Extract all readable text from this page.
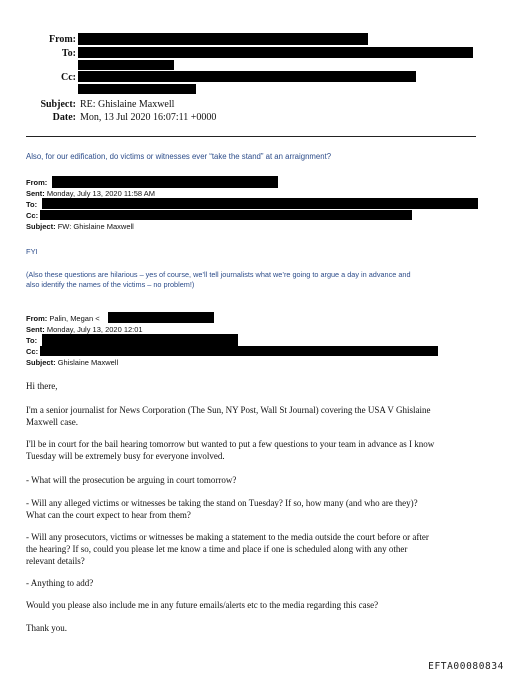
From:
To:
Cc:
Subject: RE: Ghislaine Maxwell
Date: Mon, 13 Jul 2020 16:07:11 +0000
Also, for our edification, do victims or witnesses ever “take the stand” at an arraignment?
From:
Sent: Monday, July 13, 2020 11:58 AM
To:
Cc:
Subject: FW: Ghislaine Maxwell
FYI
(Also these questions are hilarious – yes of course, we’ll tell journalists what we’re going to argue a day in advance and
also identify the names of the victims – no problem!)
From: Palin, Megan <
Sent: Monday, July 13, 2020 12:01
To:
Cc:
Subject: Ghislaine Maxwell
Hi there,
I'm a senior journalist for News Corporation (The Sun, NY Post, Wall St Journal) covering the USA V Ghislaine
Maxwell case.
I'll be in court for the bail hearing tomorrow but wanted to put a few questions to your team in advance as I know
Tuesday will be extremely busy for everyone involved.
- What will the prosecution be arguing in court tomorrow?
- Will any alleged victims or witnesses be taking the stand on Tuesday? If so, how many (and who are they)?
What can the court expect to hear from them?
- Will any prosecutors, victims or witnesses be making a statement to the media outside the court before or after
the hearing? If so, could you please let me know a time and place if one is scheduled along with any other
relevant details?
- Anything to add?
Would you please also include me in any future emails/alerts etc to the media regarding this case?
Thank you.
EFTA00080834
